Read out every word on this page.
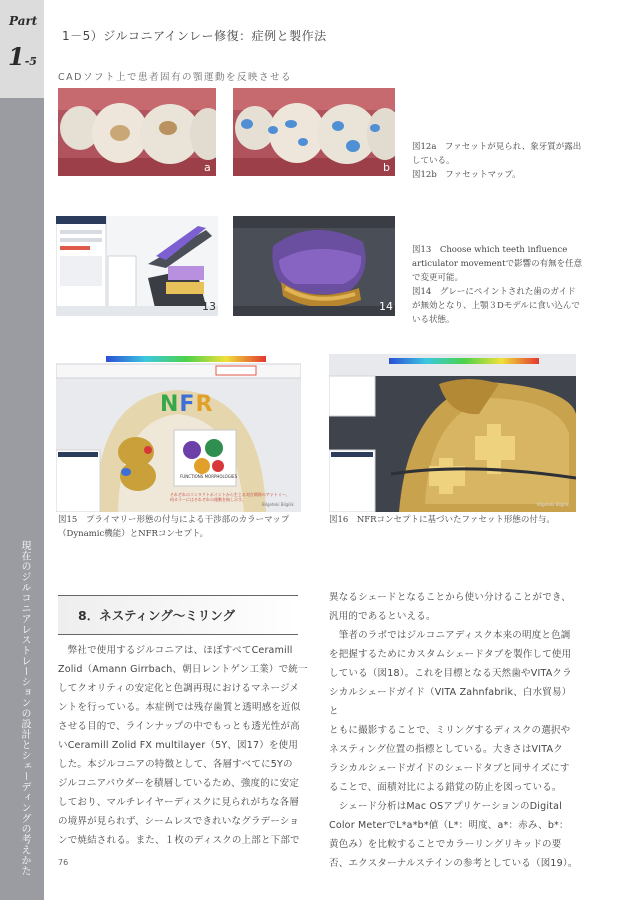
Part
1-5
現在のジルコニアレストレーションの設計とシェーディングの考えかた
1－5）ジルコニアインレー修復：症例と製作法
CADソフト上で患者固有の顎運動を反映させる
a	b
図12a　ファセットが見られ、象牙質が露出している。
図12b　ファセットマップ。
13	14
図13　Choose which teeth influence articulator movementで影響の有無を任意で変更可能。
図14　グレーにペイントされた歯のガイドが無効となり、上顎３Dモデルに食い込んでいる状態。
NFR
FUNCTIONS MORPHOLOGIES
それぞれのコンタクトポイントから生じる対合関係のアナトミー、何カラーにはそれぞれの運動を指し示す。
Bilgeteki Bilgilik	Bilgeteki Bilgilik
図15　プライマリー形態の付与による干渉部のカラーマップ（Dynamic機能）とNFRコンセプト。
図16　NFRコンセプトに基づいたファセット形態の付与。
8．ネスティング〜ミリング
　弊社で使用するジルコニアは、ほぼすべてCeramill
Zolid（Amann Girrbach、朝日レントゲン工業）で統一
してクオリティの安定化と色調再現におけるマネージメ
ントを行っている。本症例では残存歯質と透明感を近似
させる目的で、ラインナップの中でもっとも透光性が高
いCeramill Zolid FX multilayer（5Y、図17）を使用
した。本ジルコニアの特徴として、各層すべてに5Yの
ジルコニアパウダーを積層しているため、強度的に安定
しており、マルチレイヤーディスクに見られがちな各層
の境界が見られず、シームレスできれいなグラデーショ
ンで焼結される。また、１枚のディスクの上部と下部で
異なるシェードとなることから使い分けることができ、
汎用的であるといえる。
　筆者のラボではジルコニアディスク本来の明度と色調
を把握するためにカスタムシェードタブを製作して使用
している（図18）。これを目標となる天然歯やVITAクラ
シカルシェードガイド（VITA Zahnfabrik、白水貿易）と
ともに撮影することで、ミリングするディスクの選択や
ネスティング位置の指標としている。大きさはVITAク
ラシカルシェードガイドのシェードタブと同サイズにす
ることで、面積対比による錯覚の防止を図っている。
　シェード分析はMac OSアプリケーションのDigital
Color MeterでL*a*b*値（L*：明度、a*：赤み、b*：
黄色み）を比較することでカラーリングリキッドの要
否、エクスターナルステインの参考としている（図19）。
76
